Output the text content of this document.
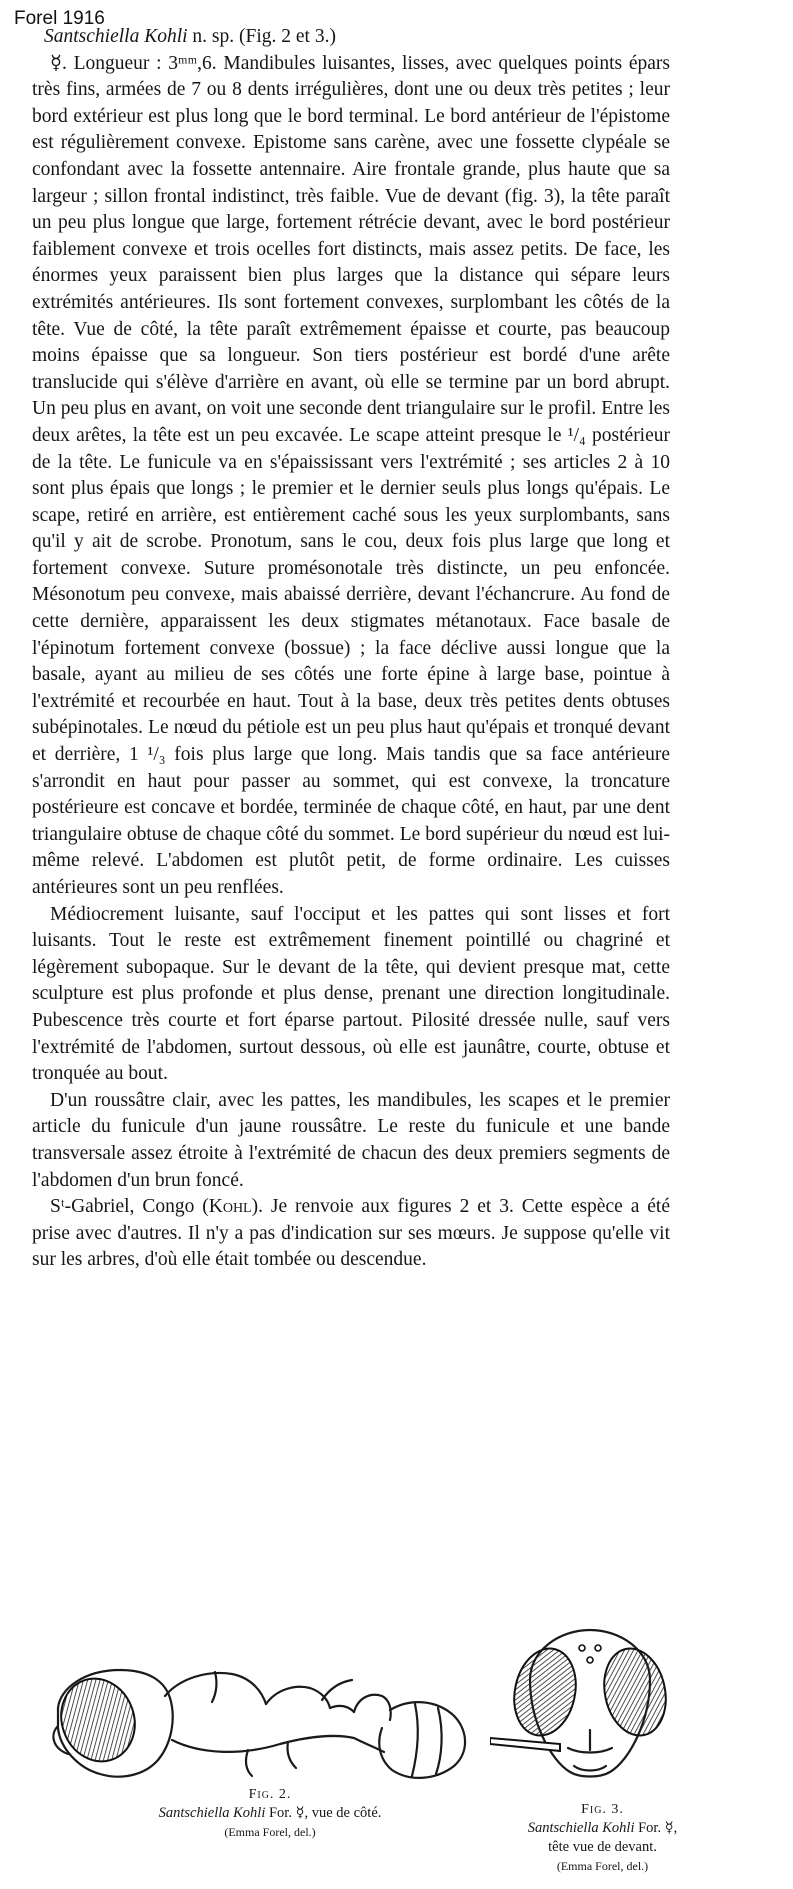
Forel 1916

Santschiella Kohli n. sp. (Fig. 2 et 3.)

☿. Longueur : 3ᵐᵐ,6. Mandibules luisantes, lisses, avec quelques points épars très fins, armées de 7 ou 8 dents irrégulières, dont une ou deux très petites ; leur bord extérieur est plus long que le bord terminal. Le bord antérieur de l'épistome est régulièrement convexe. Epistome sans carène, avec une fossette clypéale se confondant avec la fossette antennaire. Aire frontale grande, plus haute que sa largeur ; sillon frontal indistinct, très faible. Vue de devant (fig. 3), la tête paraît un peu plus longue que large, fortement rétrécie devant, avec le bord postérieur faiblement convexe et trois ocelles fort distincts, mais assez petits. De face, les énormes yeux paraissent bien plus larges que la distance qui sépare leurs extrémités antérieures. Ils sont fortement convexes, surplombant les côtés de la tête. Vue de côté, la tête paraît extrêmement épaisse et courte, pas beaucoup moins épaisse que sa longueur. Son tiers postérieur est bordé d'une arête translucide qui s'élève d'arrière en avant, où elle se termine par un bord abrupt. Un peu plus en avant, on voit une seconde dent triangulaire sur le profil. Entre les deux arêtes, la tête est un peu excavée. Le scape atteint presque le ¹/₄ postérieur de la tête. Le funicule va en s'épaississant vers l'extrémité ; ses articles 2 à 10 sont plus épais que longs ; le premier et le dernier seuls plus longs qu'épais. Le scape, retiré en arrière, est entièrement caché sous les yeux surplombants, sans qu'il y ait de scrobe. Pronotum, sans le cou, deux fois plus large que long et fortement convexe. Suture promésonotale très distincte, un peu enfoncée. Mésonotum peu convexe, mais abaissé derrière, devant l'échancrure. Au fond de cette dernière, apparaissent les deux stigmates métanotaux. Face basale de l'épinotum fortement convexe (bossue) ; la face déclive aussi longue que la basale, ayant au milieu de ses côtés une forte épine à large base, pointue à l'extrémité et recourbée en haut. Tout à la base, deux très petites dents obtuses subépinotales. Le nœud du pétiole est un peu plus haut qu'épais et tronqué devant et derrière, 1 ¹/₃ fois plus large que long. Mais tandis que sa face antérieure s'arrondit en haut pour passer au sommet, qui est convexe, la troncature postérieure est concave et bordée, terminée de chaque côté, en haut, par une dent triangulaire obtuse de chaque côté du sommet. Le bord supérieur du nœud est lui-même relevé. L'abdomen est plutôt petit, de forme ordinaire. Les cuisses antérieures sont un peu renflées.

Médiocrement luisante, sauf l'occiput et les pattes qui sont lisses et fort luisants. Tout le reste est extrêmement finement pointillé ou chagriné et légèrement subopaque. Sur le devant de la tête, qui devient presque mat, cette sculpture est plus profonde et plus dense, prenant une direction longitudinale. Pubescence très courte et fort éparse partout. Pilosité dressée nulle, sauf vers l'extrémité de l'abdomen, surtout dessous, où elle est jaunâtre, courte, obtuse et tronquée au bout.

D'un roussâtre clair, avec les pattes, les mandibules, les scapes et le premier article du funicule d'un jaune roussâtre. Le reste du funicule et une bande transversale assez étroite à l'extrémité de chacun des deux premiers segments de l'abdomen d'un brun foncé.

Sᵗ-Gabriel, Congo (Kohl). Je renvoie aux figures 2 et 3. Cette espèce a été prise avec d'autres. Il n'y a pas d'indication sur ses mœurs. Je suppose qu'elle vit sur les arbres, d'où elle était tombée ou descendue.

Fig. 2.
Santschiella Kohli For. ☿, vue de côté.
(Emma Forel, del.)
Fig. 3.
Santschiella Kohli For. ☿,
tête vue de devant.
(Emma Forel, del.)
